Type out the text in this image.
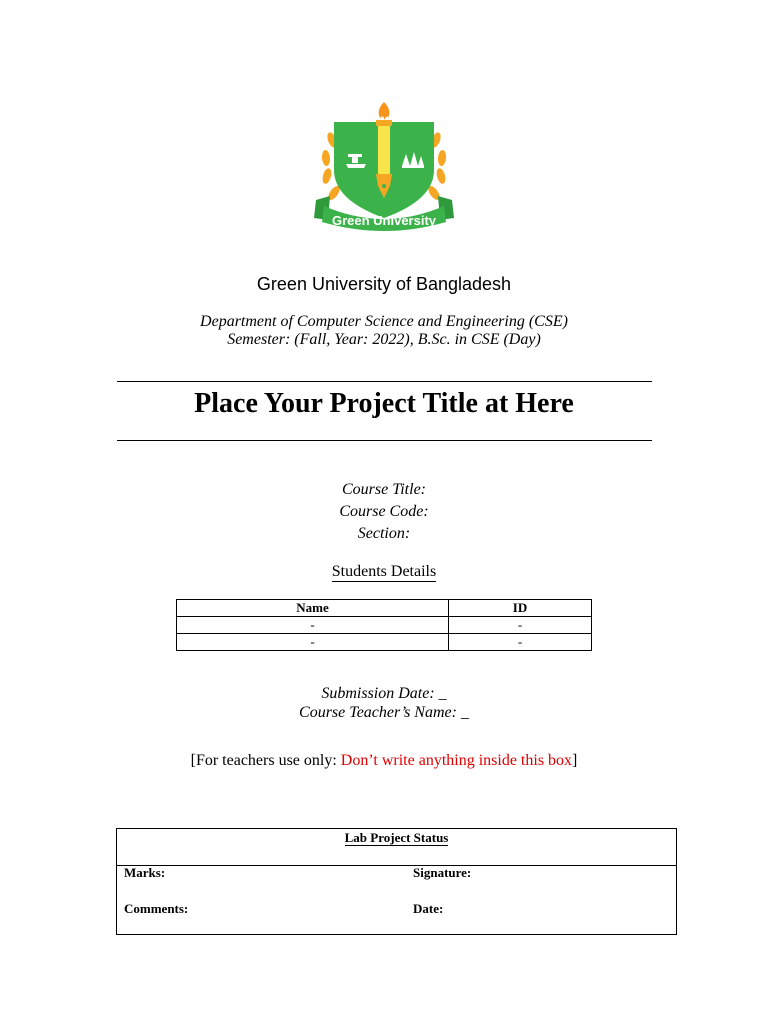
Green University
Green University of Bangladesh
Department of Computer Science and Engineering (CSE)
Semester: (Fall, Year: 2022), B.Sc. in CSE (Day)
Place Your Project Title at Here
Course Title:
Course Code:
Section:
Students Details
Name	ID
-	-
-	-
Submission Date: _
Course Teacher’s Name: _
[For teachers use only: Don’t write anything inside this box]
Lab Project Status
Marks:	Signature:
Comments:	Date:
